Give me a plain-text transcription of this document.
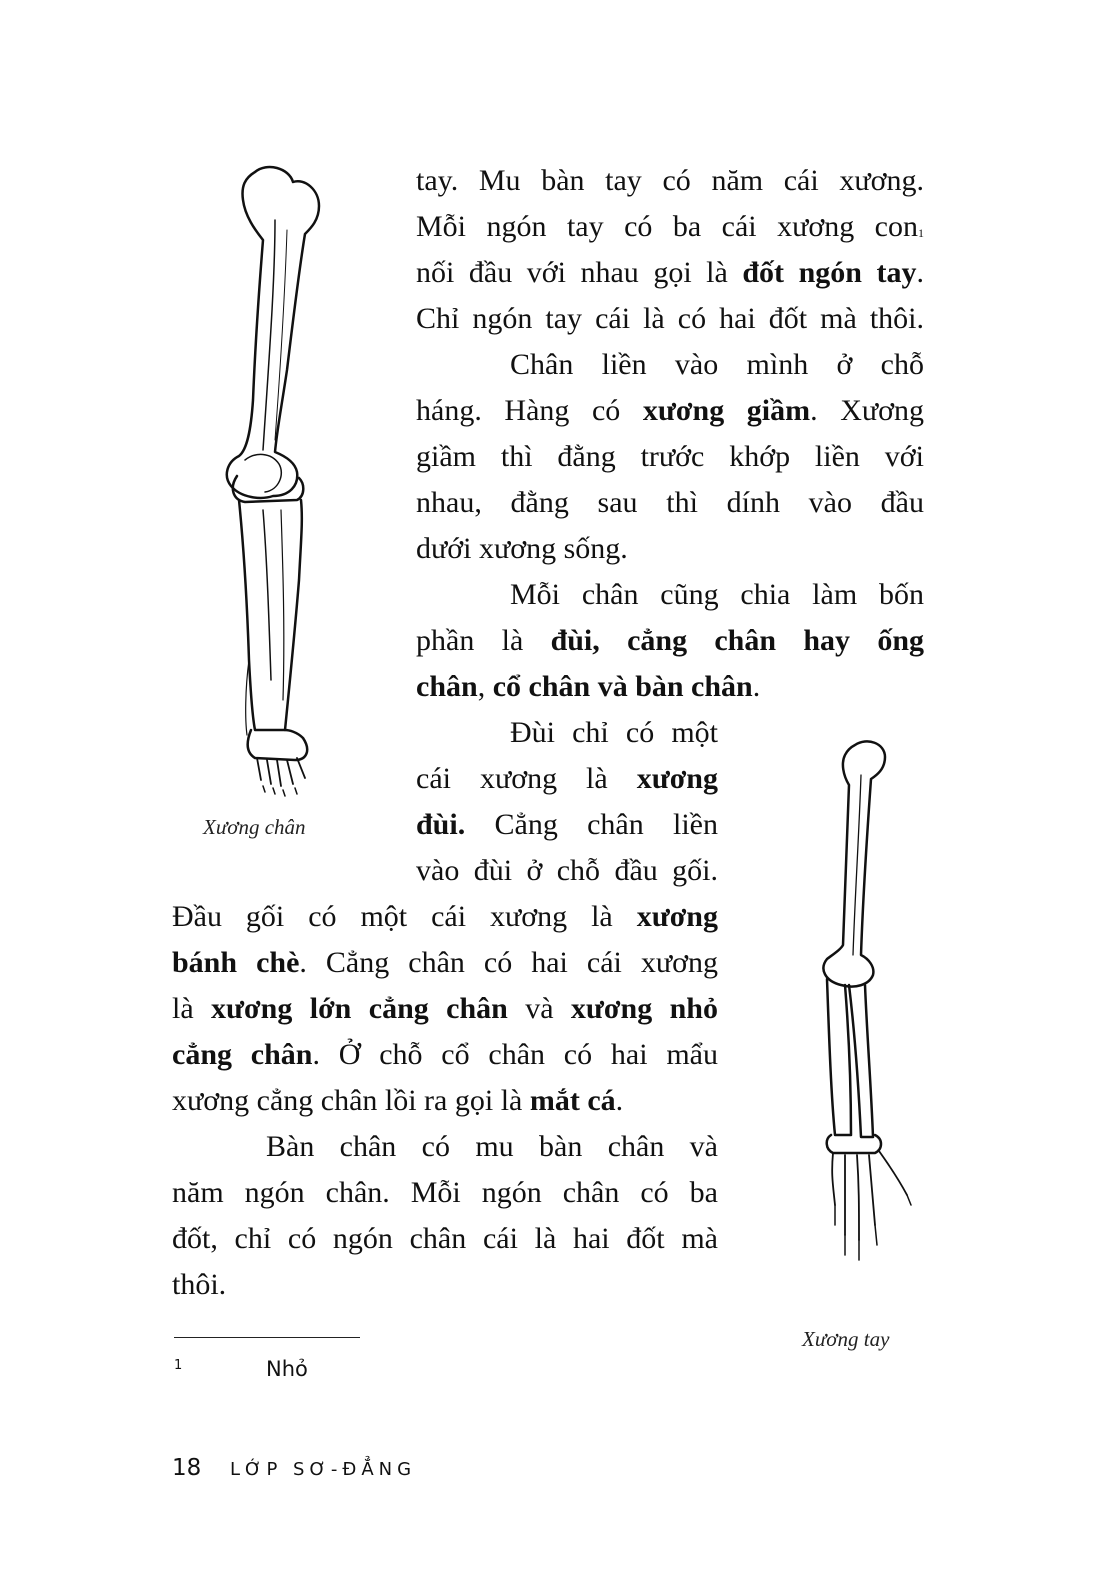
Xương chân
Xương tay
tay. Mu bàn tay có năm cái xương.
Mỗi ngón tay có ba cái xương con$^1$
nối đầu với nhau gọi là đốt ngón tay.
Chỉ ngón tay cái là có hai đốt mà thôi.
Chân liền vào mình ở chỗ
háng. Hàng có xương giầm. Xương
giầm thì đằng trước khớp liền với
nhau, đằng sau thì dính vào đầu
dưới xương sống.
Mỗi chân cũng chia làm bốn
phần là đùi, cẳng chân hay ống
chân, cổ chân và bàn chân.
Đùi chỉ có một
cái xương là xương
đùi. Cẳng chân liền
vào đùi ở chỗ đầu gối.
Đầu gối có một cái xương là xương
bánh chè. Cẳng chân có hai cái xương
là xương lớn cẳng chân và xương nhỏ
cẳng chân. Ở chỗ cổ chân có hai mẩu
xương cẳng chân lồi ra gọi là mắt cá.
Bàn chân có mu bàn chân và
năm ngón chân. Mỗi ngón chân có ba
đốt, chỉ có ngón chân cái là hai đốt mà
thôi.
1	Nhỏ
18 LỚP SƠ-ĐẲNG
